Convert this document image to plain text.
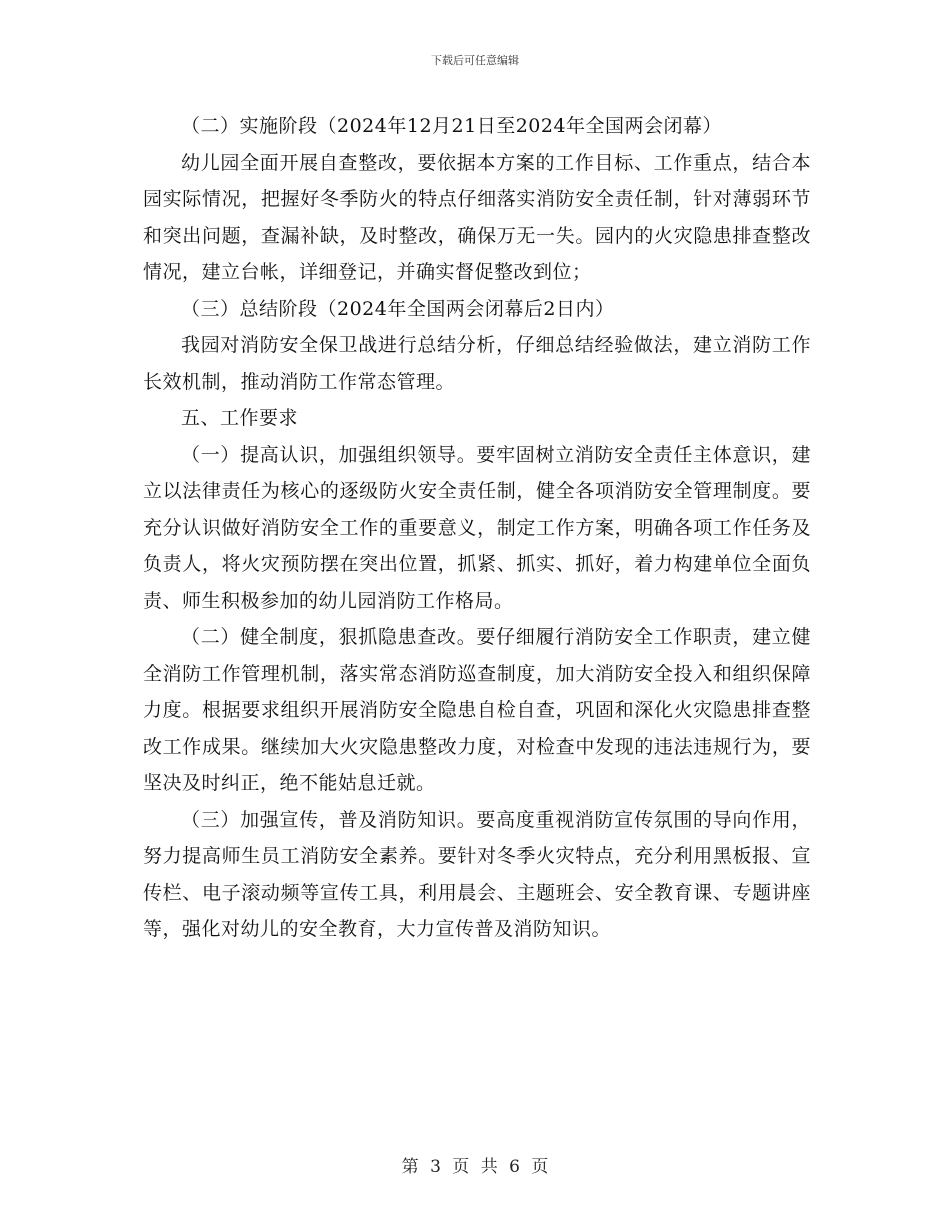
下载后可任意编辑

（二）实施阶段（2024年12月21日至2024年全国两会闭幕）

幼儿园全面开展自查整改，要依据本方案的工作目标、工作重点，结合本园实际情况，把握好冬季防火的特点仔细落实消防安全责任制，针对薄弱环节和突出问题，查漏补缺，及时整改，确保万无一失。园内的火灾隐患排查整改情况，建立台帐，详细登记，并确实督促整改到位；

（三）总结阶段（2024年全国两会闭幕后2日内）

我园对消防安全保卫战进行总结分析，仔细总结经验做法，建立消防工作长效机制，推动消防工作常态管理。

五、工作要求

（一）提高认识，加强组织领导。要牢固树立消防安全责任主体意识，建立以法律责任为核心的逐级防火安全责任制，健全各项消防安全管理制度。要充分认识做好消防安全工作的重要意义，制定工作方案，明确各项工作任务及负责人，将火灾预防摆在突出位置，抓紧、抓实、抓好，着力构建单位全面负责、师生积极参加的幼儿园消防工作格局。

（二）健全制度，狠抓隐患查改。要仔细履行消防安全工作职责，建立健全消防工作管理机制，落实常态消防巡查制度，加大消防安全投入和组织保障力度。根据要求组织开展消防安全隐患自检自查，巩固和深化火灾隐患排查整改工作成果。继续加大火灾隐患整改力度，对检查中发现的违法违规行为，要坚决及时纠正，绝不能姑息迁就。

（三）加强宣传，普及消防知识。要高度重视消防宣传氛围的导向作用，努力提高师生员工消防安全素养。要针对冬季火灾特点，充分利用黑板报、宣传栏、电子滚动频等宣传工具，利用晨会、主题班会、安全教育课、专题讲座等，强化对幼儿的安全教育，大力宣传普及消防知识。

第 3 页 共 6 页
